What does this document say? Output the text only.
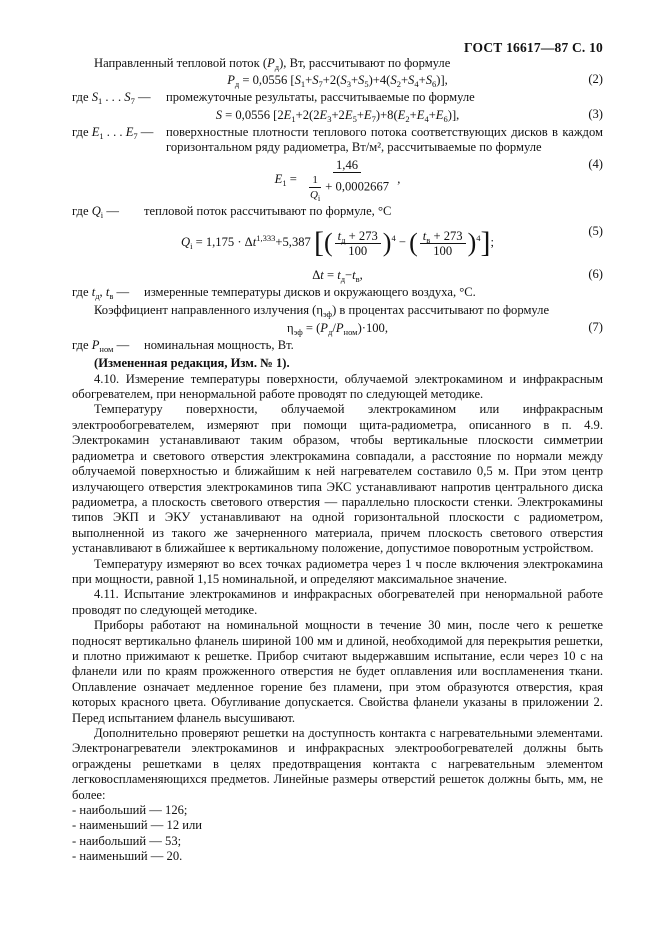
ГОСТ 16617—87 С. 10

Направленный тепловой поток $(P_д)$, Вт, рассчитывают по формуле

$P_д = 0,0556$ $[S_1+S_7+2(S_3+S_5)+4(S_2+S_4+S_6)]$,	(2)

где $S_1$ . . . $S_7$ — промежуточные результаты, рассчитываемые по формуле

S = 0,0556 $[2E_1+2(2E_3+2E_5+E_7)+8(E_2+E_4+E_6)]$,	(3)

где $E_1$ . . . $E_7$ — поверхностные плотности теплового потока соответствующих дисков в каждом горизонтальном ряду радиометра, Вт/м², рассчитываемые по формуле

$E_1 = \frac{1,46}{\frac{1}{Q_i} + 0,0002667}$ ,
(4)

где $Q_i$ — тепловой поток рассчитывают по формуле, °С

$Q_i = 1,175 \cdot \Delta t^{1,333}+5,387$ [( $\frac{t_д + 273}{100} )^4$ − ( $\frac{t_в + 273}{100} )^4$];
(5)
$\Delta t = t_д-t_в$,	(6)

где $t_д$, $t_в$ — измеренные температуры дисков и окружающего воздуха, °С.

Коэффициент направленного излучения $(\eta_{эф})$ в процентах рассчитывают по формуле

$\eta_{эф} = (P_д/P_{ном})\cdot 100$,	(7)

где $P_{ном}$ — номинальная мощность, Вт.

(Измененная редакция, Изм. № 1).

4.10. Измерение температуры поверхности, облучаемой электрокамином и инфракрасным обогревателем, при ненормальной работе проводят по следующей методике.

Температуру поверхности, облучаемой электрокамином или инфракрасным электрообогревателем, измеряют при помощи щита-радиометра, описанного в п. 4.9. Электрокамин устанавливают таким образом, чтобы вертикальные плоскости симметрии радиометра и светового отверстия электрокамина совпадали, а расстояние по нормали между облучаемой поверхностью и ближайшим к ней нагревателем составило 0,5 м. При этом центр излучающего отверстия электрокаминов типа ЭКС устанавливают напротив центрального диска радиометра, а плоскость светового отверстия — параллельно плоскости стенки. Электрокамины типов ЭКП и ЭКУ устанавливают на одной горизонтальной плоскости с радиометром, выполненной из такого же зачерненного материала, причем плоскость светового отверстия устанавливают в ближайшее к вертикальному положение, допустимое поворотным устройством.

Температуру измеряют во всех точках радиометра через 1 ч после включения электрокамина при мощности, равной 1,15 номинальной, и определяют максимальное значение.

4.11. Испытание электрокаминов и инфракрасных обогревателей при ненормальной работе проводят по следующей методике.

Приборы работают на номинальной мощности в течение 30 мин, после чего к решетке подносят вертикально фланель шириной 100 мм и длиной, необходимой для перекрытия решетки, и плотно прижимают к решетке. Прибор считают выдержавшим испытание, если через 10 с на фланели или по краям прожженного отверстия не будет оплавления или воспламенения ткани. Оплавление означает медленное горение без пламени, при этом образуются отверстия, края которых красного цвета. Обугливание допускается. Свойства фланели указаны в приложении 2. Перед испытанием фланель высушивают.

Дополнительно проверяют решетки на доступность контакта с нагревательными элементами. Электронагреватели электрокаминов и инфракрасных электрообогревателей должны быть ограждены решетками в целях предотвращения контакта с нагревательным элементом легковоспламеняющихся предметов. Линейные размеры отверстий решеток должны быть, мм, не более:

- наибольший — 126;
- наименьший — 12 или
- наибольший — 53;
- наименьший — 20.
